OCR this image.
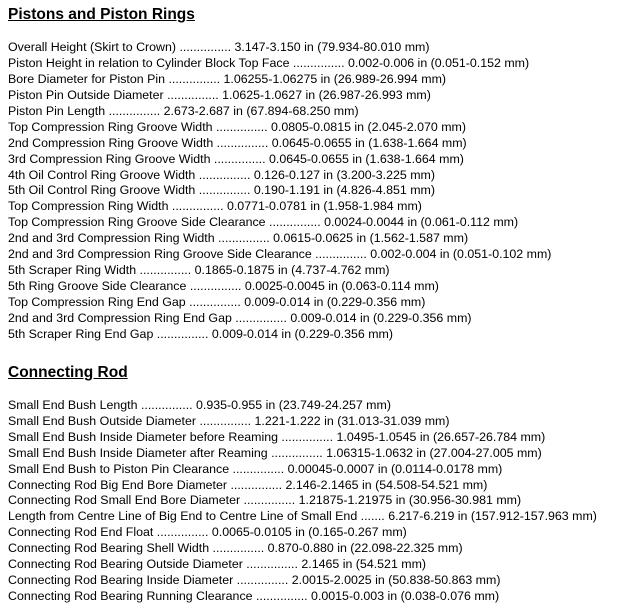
Pistons and Piston Rings
Overall Height (Skirt to Crown) ............... 3.147-3.150 in (79.934-80.010 mm)
Piston Height in relation to Cylinder Block Top Face ............... 0.002-0.006 in (0.051-0.152 mm)
Bore Diameter for Piston Pin ............... 1.06255-1.06275 in (26.989-26.994 mm)
Piston Pin Outside Diameter ............... 1.0625-1.0627 in (26.987-26.993 mm)
Piston Pin Length ............... 2.673-2.687 in (67.894-68.250 mm)
Top Compression Ring Groove Width ............... 0.0805-0.0815 in (2.045-2.070 mm)
2nd Compression Ring Groove Width ............... 0.0645-0.0655 in (1.638-1.664 mm)
3rd Compression Ring Groove Width ............... 0.0645-0.0655 in (1.638-1.664 mm)
4th Oil Control Ring Groove Width ............... 0.126-0.127 in (3.200-3.225 mm)
5th Oil Control Ring Groove Width ............... 0.190-1.191 in (4.826-4.851 mm)
Top Compression Ring Width ............... 0.0771-0.0781 in (1.958-1.984 mm)
Top Compression Ring Groove Side Clearance ............... 0.0024-0.0044 in (0.061-0.112 mm)
2nd and 3rd Compression Ring Width ............... 0.0615-0.0625 in (1.562-1.587 mm)
2nd and 3rd Compression Ring Groove Side Clearance ............... 0.002-0.004 in (0.051-0.102 mm)
5th Scraper Ring Width ............... 0.1865-0.1875 in (4.737-4.762 mm)
5th Ring Groove Side Clearance ............... 0.0025-0.0045 in (0.063-0.114 mm)
Top Compression Ring End Gap ............... 0.009-0.014 in (0.229-0.356 mm)
2nd and 3rd Compression Ring End Gap ............... 0.009-0.014 in (0.229-0.356 mm)
5th Scraper Ring End Gap ............... 0.009-0.014 in (0.229-0.356 mm)
Connecting Rod
Small End Bush Length ............... 0.935-0.955 in (23.749-24.257 mm)
Small End Bush Outside Diameter ............... 1.221-1.222 in (31.013-31.039 mm)
Small End Bush Inside Diameter before Reaming ............... 1.0495-1.0545 in (26.657-26.784 mm)
Small End Bush Inside Diameter after Reaming ............... 1.06315-1.0632 in (27.004-27.005 mm)
Small End Bush to Piston Pin Clearance ............... 0.00045-0.0007 in (0.0114-0.0178 mm)
Connecting Rod Big End Bore Diameter ............... 2.146-2.1465 in (54.508-54.521 mm)
Connecting Rod Small End Bore Diameter ............... 1.21875-1.21975 in (30.956-30.981 mm)
Length from Centre Line of Big End to Centre Line of Small End ....... 6.217-6.219 in (157.912-157.963 mm)
Connecting Rod End Float ............... 0.0065-0.0105 in (0.165-0.267 mm)
Connecting Rod Bearing Shell Width ............... 0.870-0.880 in (22.098-22.325 mm)
Connecting Rod Bearing Outside Diameter ............... 2.1465 in (54.521 mm)
Connecting Rod Bearing Inside Diameter ............... 2.0015-2.0025 in (50.838-50.863 mm)
Connecting Rod Bearing Running Clearance ............... 0.0015-0.003 in (0.038-0.076 mm)
